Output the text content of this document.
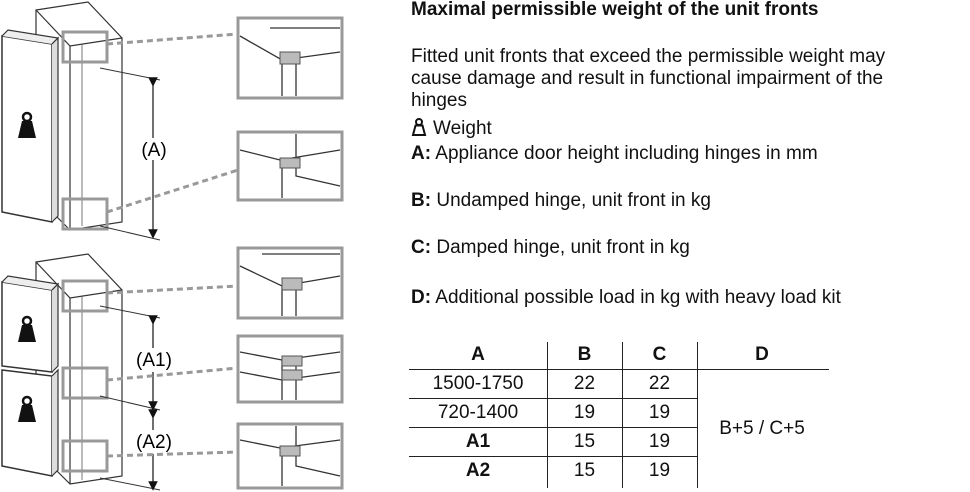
(A)
(A1)
(A2)
Maximal permissible weight of the unit fronts
Fitted unit fronts that exceed the permissible weight may
cause damage and result in functional impairment of the
hinges
Weight
A: Appliance door height including hinges in mm
B: Undamped hinge, unit front in kg
C: Damped hinge, unit front in kg
D: Additional possible load in kg with heavy load kit
A	B	C	D
1500-1750	22	22
720-1400	19	19
A1	15	19
A2	15	19
B+5 / C+5
